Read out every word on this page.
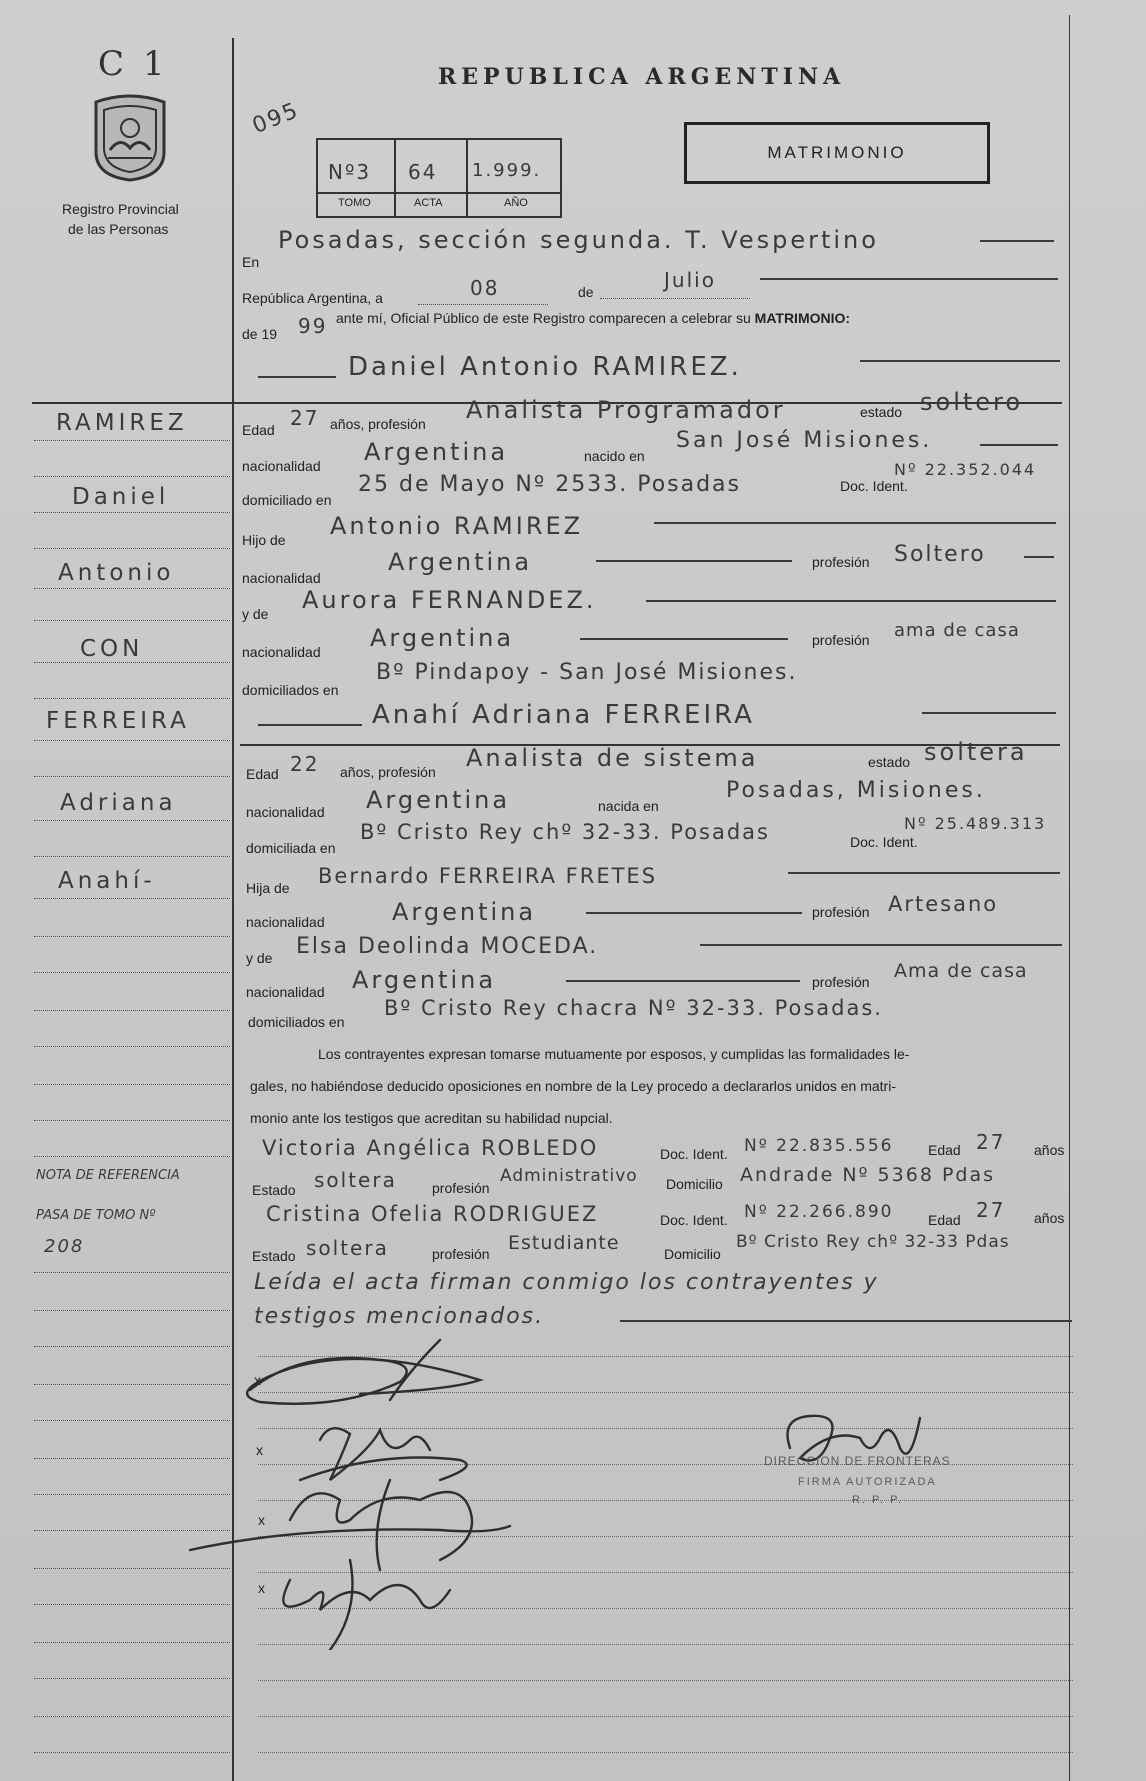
C 1
Registro Provincial
de las Personas
REPUBLICA ARGENTINA
095
Nº3 64 1.999.
TOMO	ACTA	AÑO
MATRIMONIO
En
Posadas, sección segunda. T. Vespertino
República Argentina, a	08	de	Julio
de 19 99 ante mí, Oficial Público de este Registro comparecen a celebrar su MATRIMONIO:
Daniel Antonio RAMIREZ.
RAMIREZ
Daniel
Antonio
CON
FERREIRA
Adriana
Anahí-
NOTA DE REFERENCIA
PASA DE TOMO Nº
208
Edad 27 años, profesión Analista Programador	estado soltero
nacionalidad Argentina	nacido en
San José Misiones.
domiciliado en
25 de Mayo Nº 2533. Posadas	Doc. Ident.
Nº 22.352.044
Hijo de Antonio RAMIREZ
nacionalidad
Argentina	profesión Soltero
y de Aurora FERNANDEZ.
nacionalidad Argentina	profesión ama de casa
domiciliados en
Bº Pindapoy - San José Misiones.
Anahí Adriana FERREIRA
Edad 22 años, profesión Analista de sistema	estado soltera
nacionalidad Argentina	nacida en
Posadas, Misiones.
domiciliada en
Bº Cristo Rey chº 32-33. Posadas	Doc. Ident.
Nº 25.489.313
Hija de Bernardo FERREIRA FRETES
nacionalidad	Argentina	profesión Artesano
y de Elsa Deolinda MOCEDA.
nacionalidad Argentina	profesión Ama de casa
domiciliados en
Bº Cristo Rey chacra Nº 32-33. Posadas.
Los contrayentes expresan tomarse mutuamente por esposos, y cumplidas las formalidades le-
gales, no habiéndose deducido oposiciones en nombre de la Ley procedo a declararlos unidos en matri-
monio ante los testigos que acreditan su habilidad nupcial.
Victoria Angélica ROBLEDO	Doc. Ident. Nº 22.835.556 Edad 27 años
Estado soltera	profesión
Administrativo Domicilio Andrade Nº 5368 Pdas
Cristina Ofelia RODRIGUEZ	Doc. Ident. Nº 22.266.890 Edad 27 años
Estado soltera	profesión Estudiante	Domicilio
Bº Cristo Rey chº 32-33 Pdas
Leída el acta firman conmigo los contrayentes y
testigos mencionados.
x
x
x
x
DIRECCION DE FRONTERAS
FIRMA AUTORIZADA
R. P. P.
